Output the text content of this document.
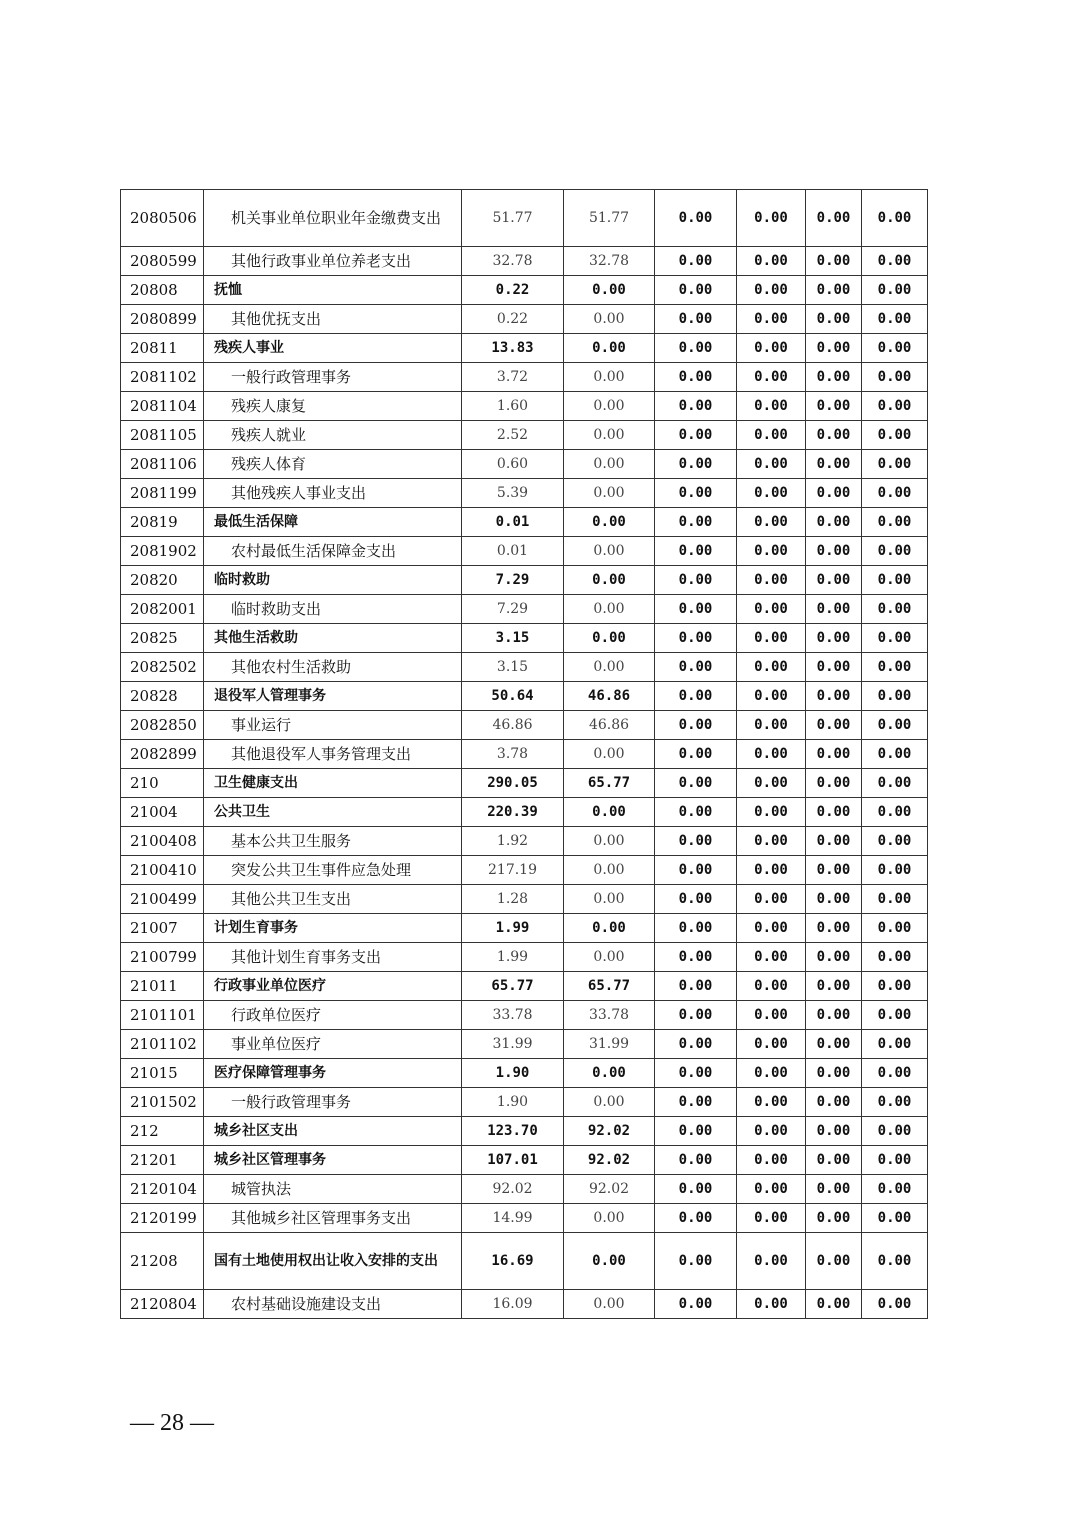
2080506	机关事业单位职业年金缴费支出	51.77	51.77	0.00	0.00	0.00	0.00
2080599	其他行政事业单位养老支出	32.78	32.78	0.00	0.00	0.00	0.00
20808	抚恤	0.22	0.00	0.00	0.00	0.00	0.00
2080899	其他优抚支出	0.22	0.00	0.00	0.00	0.00	0.00
20811	残疾人事业	13.83	0.00	0.00	0.00	0.00	0.00
2081102	一般行政管理事务	3.72	0.00	0.00	0.00	0.00	0.00
2081104	残疾人康复	1.60	0.00	0.00	0.00	0.00	0.00
2081105	残疾人就业	2.52	0.00	0.00	0.00	0.00	0.00
2081106	残疾人体育	0.60	0.00	0.00	0.00	0.00	0.00
2081199	其他残疾人事业支出	5.39	0.00	0.00	0.00	0.00	0.00
20819	最低生活保障	0.01	0.00	0.00	0.00	0.00	0.00
2081902	农村最低生活保障金支出	0.01	0.00	0.00	0.00	0.00	0.00
20820	临时救助	7.29	0.00	0.00	0.00	0.00	0.00
2082001	临时救助支出	7.29	0.00	0.00	0.00	0.00	0.00
20825	其他生活救助	3.15	0.00	0.00	0.00	0.00	0.00
2082502	其他农村生活救助	3.15	0.00	0.00	0.00	0.00	0.00
20828	退役军人管理事务	50.64	46.86	0.00	0.00	0.00	0.00
2082850	事业运行	46.86	46.86	0.00	0.00	0.00	0.00
2082899	其他退役军人事务管理支出	3.78	0.00	0.00	0.00	0.00	0.00
210	卫生健康支出	290.05	65.77	0.00	0.00	0.00	0.00
21004	公共卫生	220.39	0.00	0.00	0.00	0.00	0.00
2100408	基本公共卫生服务	1.92	0.00	0.00	0.00	0.00	0.00
2100410	突发公共卫生事件应急处理	217.19	0.00	0.00	0.00	0.00	0.00
2100499	其他公共卫生支出	1.28	0.00	0.00	0.00	0.00	0.00
21007	计划生育事务	1.99	0.00	0.00	0.00	0.00	0.00
2100799	其他计划生育事务支出	1.99	0.00	0.00	0.00	0.00	0.00
21011	行政事业单位医疗	65.77	65.77	0.00	0.00	0.00	0.00
2101101	行政单位医疗	33.78	33.78	0.00	0.00	0.00	0.00
2101102	事业单位医疗	31.99	31.99	0.00	0.00	0.00	0.00
21015	医疗保障管理事务	1.90	0.00	0.00	0.00	0.00	0.00
2101502	一般行政管理事务	1.90	0.00	0.00	0.00	0.00	0.00
212	城乡社区支出	123.70	92.02	0.00	0.00	0.00	0.00
21201	城乡社区管理事务	107.01	92.02	0.00	0.00	0.00	0.00
2120104	城管执法	92.02	92.02	0.00	0.00	0.00	0.00
2120199	其他城乡社区管理事务支出	14.99	0.00	0.00	0.00	0.00	0.00
21208	国有土地使用权出让收入安排的支出	16.69	0.00	0.00	0.00	0.00	0.00
2120804	农村基础设施建设支出	16.09	0.00	0.00	0.00	0.00	0.00
— 28 —
